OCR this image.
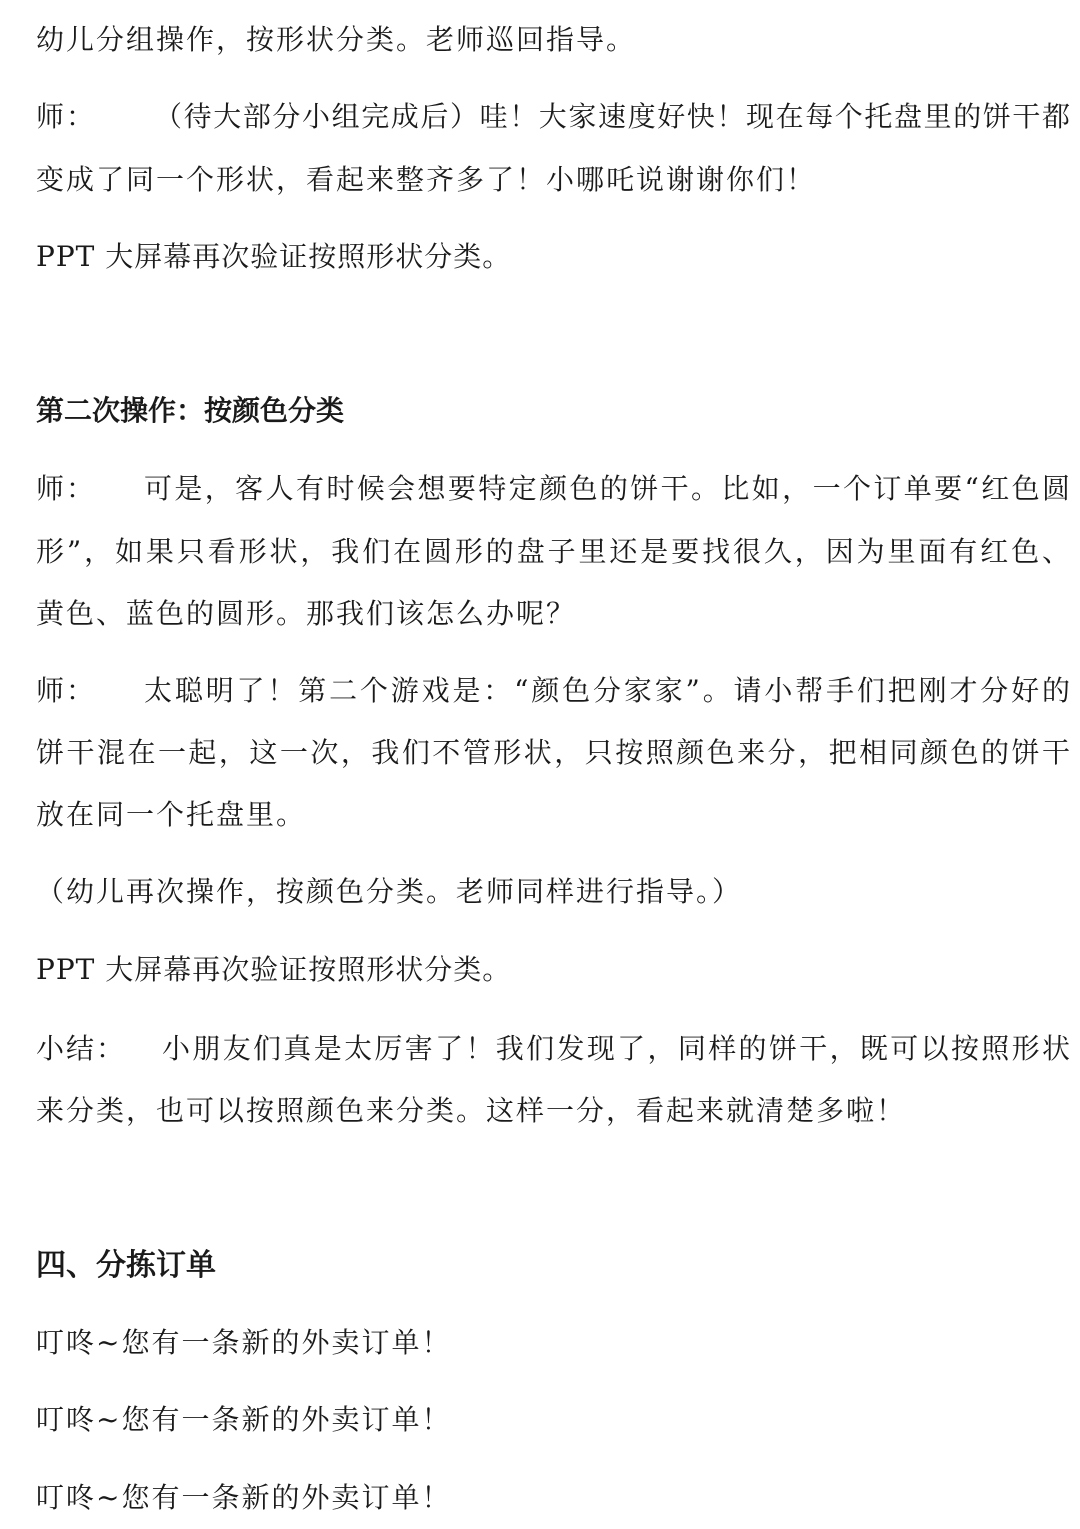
幼儿分组操作，按形状分类。老师巡回指导。
师： （待大部分小组完成后）哇！大家速度好快！现在每个托盘里的饼干都
变成了同一个形状，看起来整齐多了！小哪吒说谢谢你们！
PPT 大屏幕再次验证按照形状分类。
第二次操作：按颜色分类
师： 可是，客人有时候会想要特定颜色的饼干。比如，一个订单要“红色圆
形”，如果只看形状，我们在圆形的盘子里还是要找很久，因为里面有红色、
黄色、蓝色的圆形。那我们该怎么办呢？
师： 太聪明了！第二个游戏是：“颜色分家家”。请小帮手们把刚才分好的
饼干混在一起，这一次，我们不管形状，只按照颜色来分，把相同颜色的饼干
放在同一个托盘里。
（幼儿再次操作，按颜色分类。老师同样进行指导。）
PPT 大屏幕再次验证按照形状分类。
小结： 小朋友们真是太厉害了！我们发现了，同样的饼干，既可以按照形状
来分类，也可以按照颜色来分类。这样一分，看起来就清楚多啦！
四、分拣订单
叮咚~您有一条新的外卖订单！
叮咚~您有一条新的外卖订单！
叮咚~您有一条新的外卖订单！
